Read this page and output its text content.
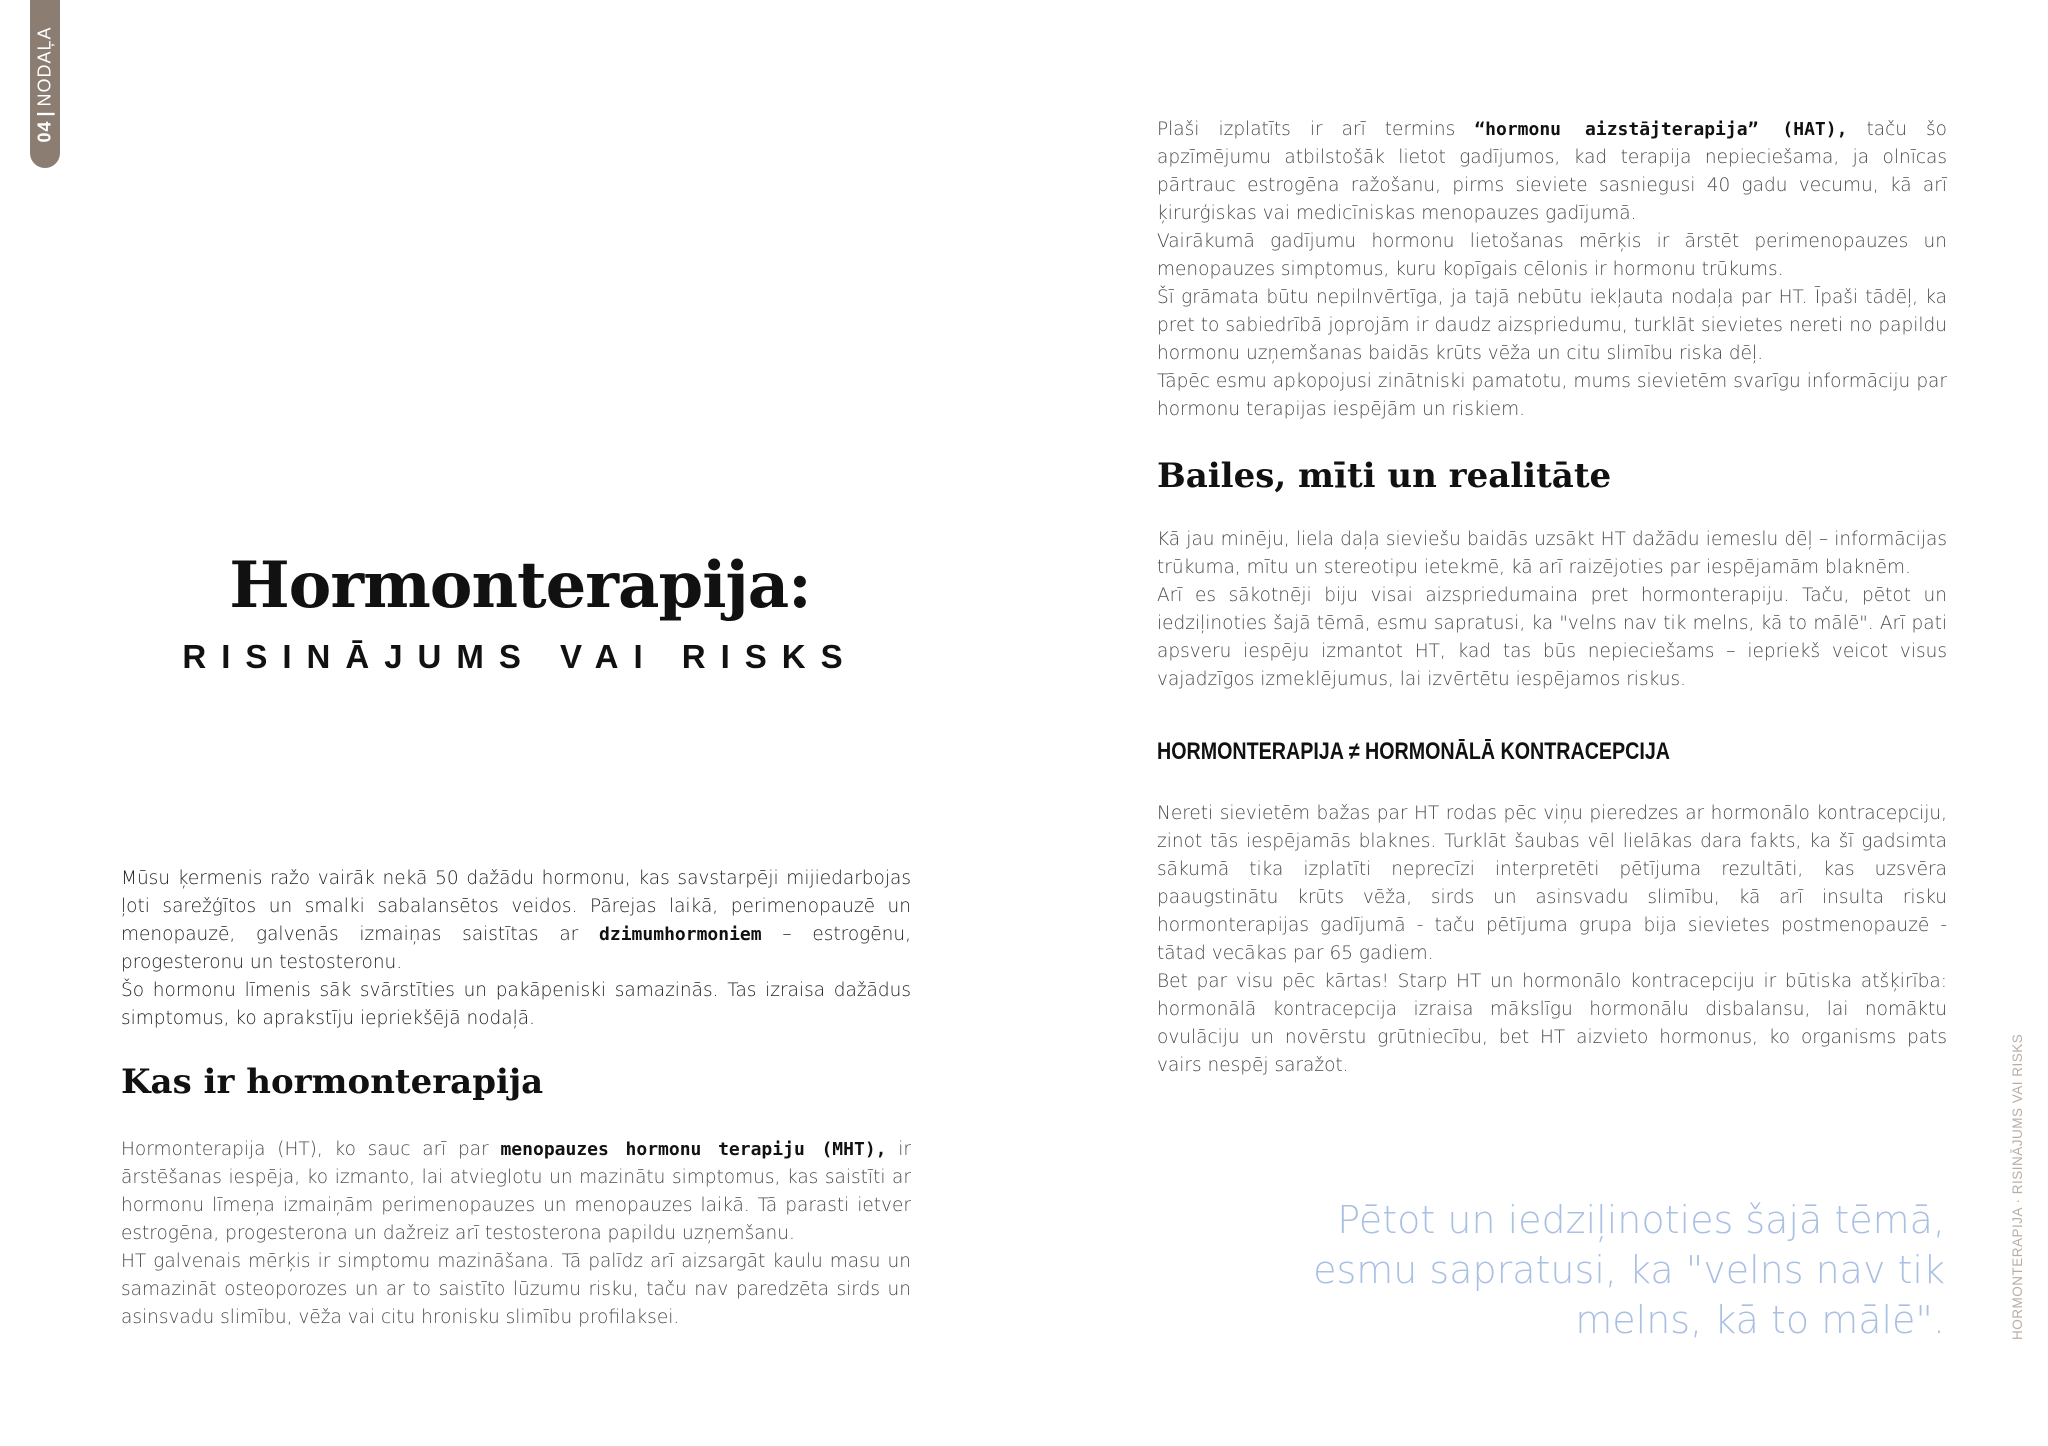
04|NODAĻA
Hormonterapija:
RISINĀJUMS VAI RISKS

Mūsu ķermenis ražo vairāk nekā 50 dažādu hormonu, kas savstarpēji mijiedarbojas ļoti sarežģītos un smalki sabalansētos veidos. Pārejas laikā, perimenopauzē un menopauzē, galvenās izmaiņas saistītas ar dzimumhormoniem – estrogēnu, progesteronu un testosteronu.
Šo hormonu līmenis sāk svārstīties un pakāpeniski samazinās. Tas izraisa dažādus simptomus, ko aprakstīju iepriekšējā nodaļā.

Kas ir hormonterapija

Hormonterapija (HT), ko sauc arī par menopauzes hormonu terapiju (MHT), ir ārstēšanas iespēja, ko izmanto, lai atvieglotu un mazinātu simptomus, kas saistīti ar hormonu līmeņa izmaiņām perimenopauzes un menopauzes laikā. Tā parasti ietver estrogēna, progesterona un dažreiz arī testosterona papildu uzņemšanu.
HT galvenais mērķis ir simptomu mazināšana. Tā palīdz arī aizsargāt kaulu masu un samazināt osteoporozes un ar to saistīto lūzumu risku, taču nav paredzēta sirds un asinsvadu slimību, vēža vai citu hronisku slimību profilaksei.

Plaši izplatīts ir arī termins “hormonu aizstājterapija” (HAT), taču šo apzīmējumu atbilstošāk lietot gadījumos, kad terapija nepieciešama, ja olnīcas pārtrauc estrogēna ražošanu, pirms sieviete sasniegusi 40 gadu vecumu, kā arī ķirurģiskas vai medicīniskas menopauzes gadījumā.
Vairākumā gadījumu hormonu lietošanas mērķis ir ārstēt perimenopauzes un menopauzes simptomus, kuru kopīgais cēlonis ir hormonu trūkums.
Šī grāmata būtu nepilnvērtīga, ja tajā nebūtu iekļauta nodaļa par HT. Īpaši tādēļ, ka pret to sabiedrībā joprojām ir daudz aizspriedumu, turklāt sievietes nereti no papildu hormonu uzņemšanas baidās krūts vēža un citu slimību riska dēļ.
Tāpēc esmu apkopojusi zinātniski pamatotu, mums sievietēm svarīgu informāciju par hormonu terapijas iespējām un riskiem.

Bailes, mīti un realitāte

Kā jau minēju, liela daļa sieviešu baidās uzsākt HT dažādu iemeslu dēļ – informācijas trūkuma, mītu un stereotipu ietekmē, kā arī raizējoties par iespējamām blaknēm.
Arī es sākotnēji biju visai aizspriedumaina pret hormonterapiju. Taču, pētot un iedziļinoties šajā tēmā, esmu sapratusi, ka "velns nav tik melns, kā to mālē". Arī pati apsveru iespēju izmantot HT, kad tas būs nepieciešams – iepriekš veicot visus vajadzīgos izmeklējumus, lai izvērtētu iespējamos riskus.

HORMONTERAPIJA ≠ HORMONĀLĀ KONTRACEPCIJA

Nereti sievietēm bažas par HT rodas pēc viņu pieredzes ar hormonālo kontracepciju, zinot tās iespējamās blaknes. Turklāt šaubas vēl lielākas dara fakts, ka šī gadsimta sākumā tika izplatīti neprecīzi interpretēti pētījuma rezultāti, kas uzsvēra paaugstinātu krūts vēža, sirds un asinsvadu slimību, kā arī insulta risku hormonterapijas gadījumā - taču pētījuma grupa bija sievietes postmenopauzē - tātad vecākas par 65 gadiem.
Bet par visu pēc kārtas! Starp HT un hormonālo kontracepciju ir būtiska atšķirība: hormonālā kontracepcija izraisa mākslīgu hormonālu disbalansu, lai nomāktu ovulāciju un novērstu grūtniecību, bet HT aizvieto hormonus, ko organisms pats vairs nespēj saražot.

Pētot un iedziļinoties šajā tēmā, esmu sapratusi, ka "velns nav tik melns, kā to mālē".	HORMONTERAPIJA · RISINĀJUMS VAI RISKS
